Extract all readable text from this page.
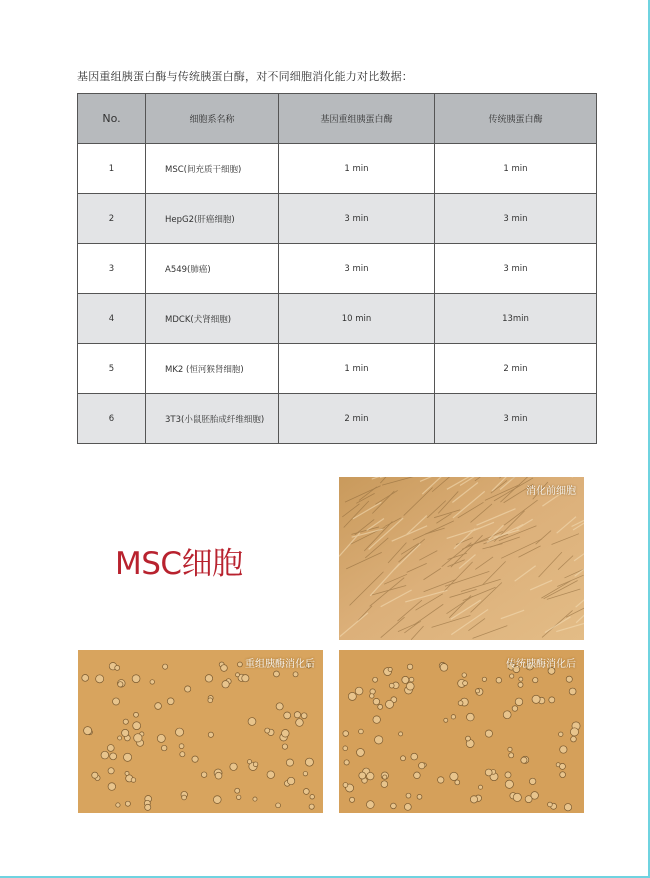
基因重组胰蛋白酶与传统胰蛋白酶，对不同细胞消化能力对比数据：
No.	细胞系名称	基因重组胰蛋白酶	传统胰蛋白酶
1	MSC(间充质干细胞)	1 min	1 min
2	HepG2(肝癌细胞)	3 min	3 min
3	A549(肺癌)	3 min	3 min
4	MDCK(犬肾细胞)	10 min	13min
5	MK2 (恒河猴肾细胞)	1 min	2 min
6	3T3(小鼠胚胎成纤维细胞)	2 min	3 min
MSC细胞
消化前细胞
重组胰酶消化后	传统胰酶消化后
